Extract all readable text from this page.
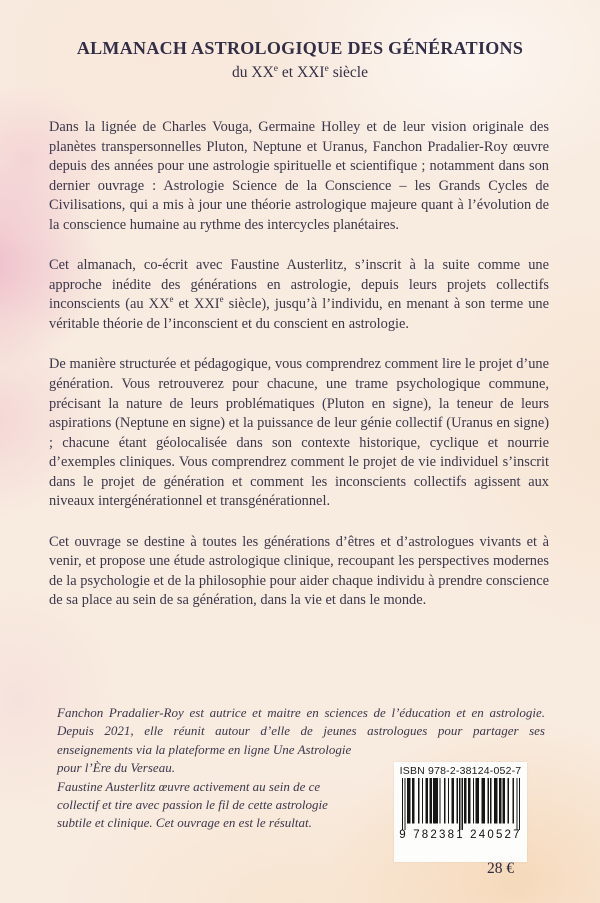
ALMANACH ASTROLOGIQUE DES GÉNÉRATIONS
du XXe et XXIe siècle

Dans la lignée de Charles Vouga, Germaine Holley et de leur vision originale des planètes transpersonnelles Pluton, Neptune et Uranus, Fanchon Pradalier-Roy œuvre depuis des années pour une astrologie spirituelle et scientifique ; notamment dans son dernier ouvrage : Astrologie Science de la Conscience – les Grands Cycles de Civilisations, qui a mis à jour une théorie astrologique majeure quant à l’évolution de la conscience humaine au rythme des intercycles planétaires.

Cet almanach, co-écrit avec Faustine Austerlitz, s’inscrit à la suite comme une approche inédite des générations en astrologie, depuis leurs projets collectifs inconscients (au XXe et XXIe siècle), jusqu’à l’individu, en menant à son terme une véritable théorie de l’inconscient et du conscient en astrologie.

De manière structurée et pédagogique, vous comprendrez comment lire le projet d’une génération. Vous retrouverez pour chacune, une trame psychologique commune, précisant la nature de leurs problématiques (Pluton en signe), la teneur de leurs aspirations (Neptune en signe) et la puissance de leur génie collectif (Uranus en signe) ; chacune étant géolocalisée dans son contexte historique, cyclique et nourrie d’exemples cliniques. Vous comprendrez comment le projet de vie individuel s’inscrit dans le projet de génération et comment les inconscients collectifs agissent aux niveaux intergénérationnel et transgénérationnel.

Cet ouvrage se destine à toutes les générations d’êtres et d’astrologues vivants et à venir, et propose une étude astrologique clinique, recoupant les perspectives modernes de la psychologie et de la philosophie pour aider chaque individu à prendre conscience de sa place au sein de sa génération, dans la vie et dans le monde.

Fanchon Pradalier-Roy est autrice et maitre en sciences de l’éducation et en astrologie.
Depuis 2021, elle réunit autour d’elle de jeunes astrologues pour partager ses
enseignements via la plateforme en ligne Une Astrologie
pour l’Ère du Verseau.
Faustine Austerlitz œuvre activement au sein de ce
collectif et tire avec passion le fil de cette astrologie
subtile et clinique. Cet ouvrage en est le résultat.
ISBN 978-2-38124-052-7
9 782381 240527
28 €
